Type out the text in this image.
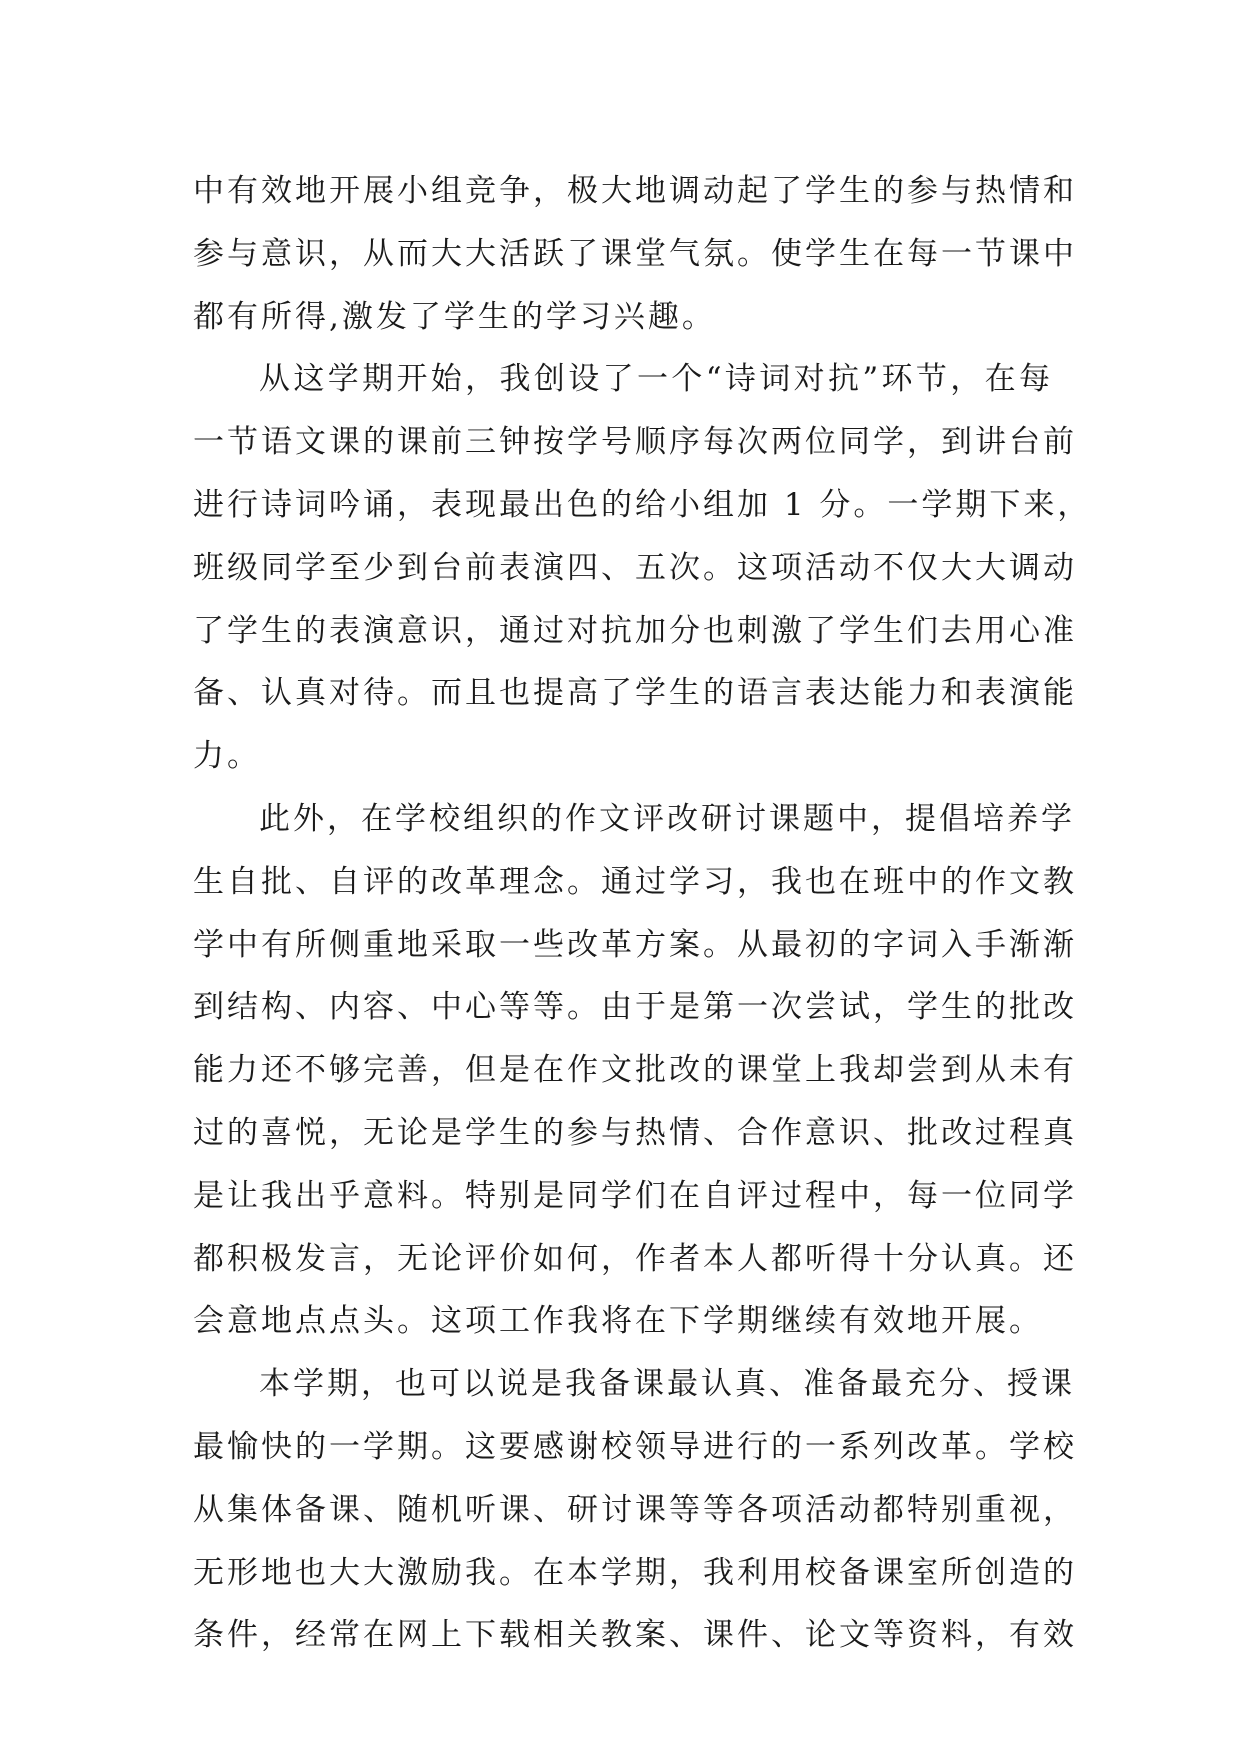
中有效地开展小组竞争，极大地调动起了学生的参与热情和
参与意识，从而大大活跃了课堂气氛。使学生在每一节课中
都有所得,激发了学生的学习兴趣。
从这学期开始，我创设了一个“诗词对抗”环节，在每
一节语文课的课前三钟按学号顺序每次两位同学，到讲台前
进行诗词吟诵，表现最出色的给小组加 1 分。一学期下来，
班级同学至少到台前表演四、五次。这项活动不仅大大调动
了学生的表演意识，通过对抗加分也刺激了学生们去用心准
备、认真对待。而且也提高了学生的语言表达能力和表演能
力。
此外，在学校组织的作文评改研讨课题中，提倡培养学
生自批、自评的改革理念。通过学习，我也在班中的作文教
学中有所侧重地采取一些改革方案。从最初的字词入手渐渐
到结构、内容、中心等等。由于是第一次尝试，学生的批改
能力还不够完善，但是在作文批改的课堂上我却尝到从未有
过的喜悦，无论是学生的参与热情、合作意识、批改过程真
是让我出乎意料。特别是同学们在自评过程中，每一位同学
都积极发言，无论评价如何，作者本人都听得十分认真。还
会意地点点头。这项工作我将在下学期继续有效地开展。
本学期，也可以说是我备课最认真、准备最充分、授课
最愉快的一学期。这要感谢校领导进行的一系列改革。学校
从集体备课、随机听课、研讨课等等各项活动都特别重视，
无形地也大大激励我。在本学期，我利用校备课室所创造的
条件，经常在网上下载相关教案、课件、论文等资料，有效
